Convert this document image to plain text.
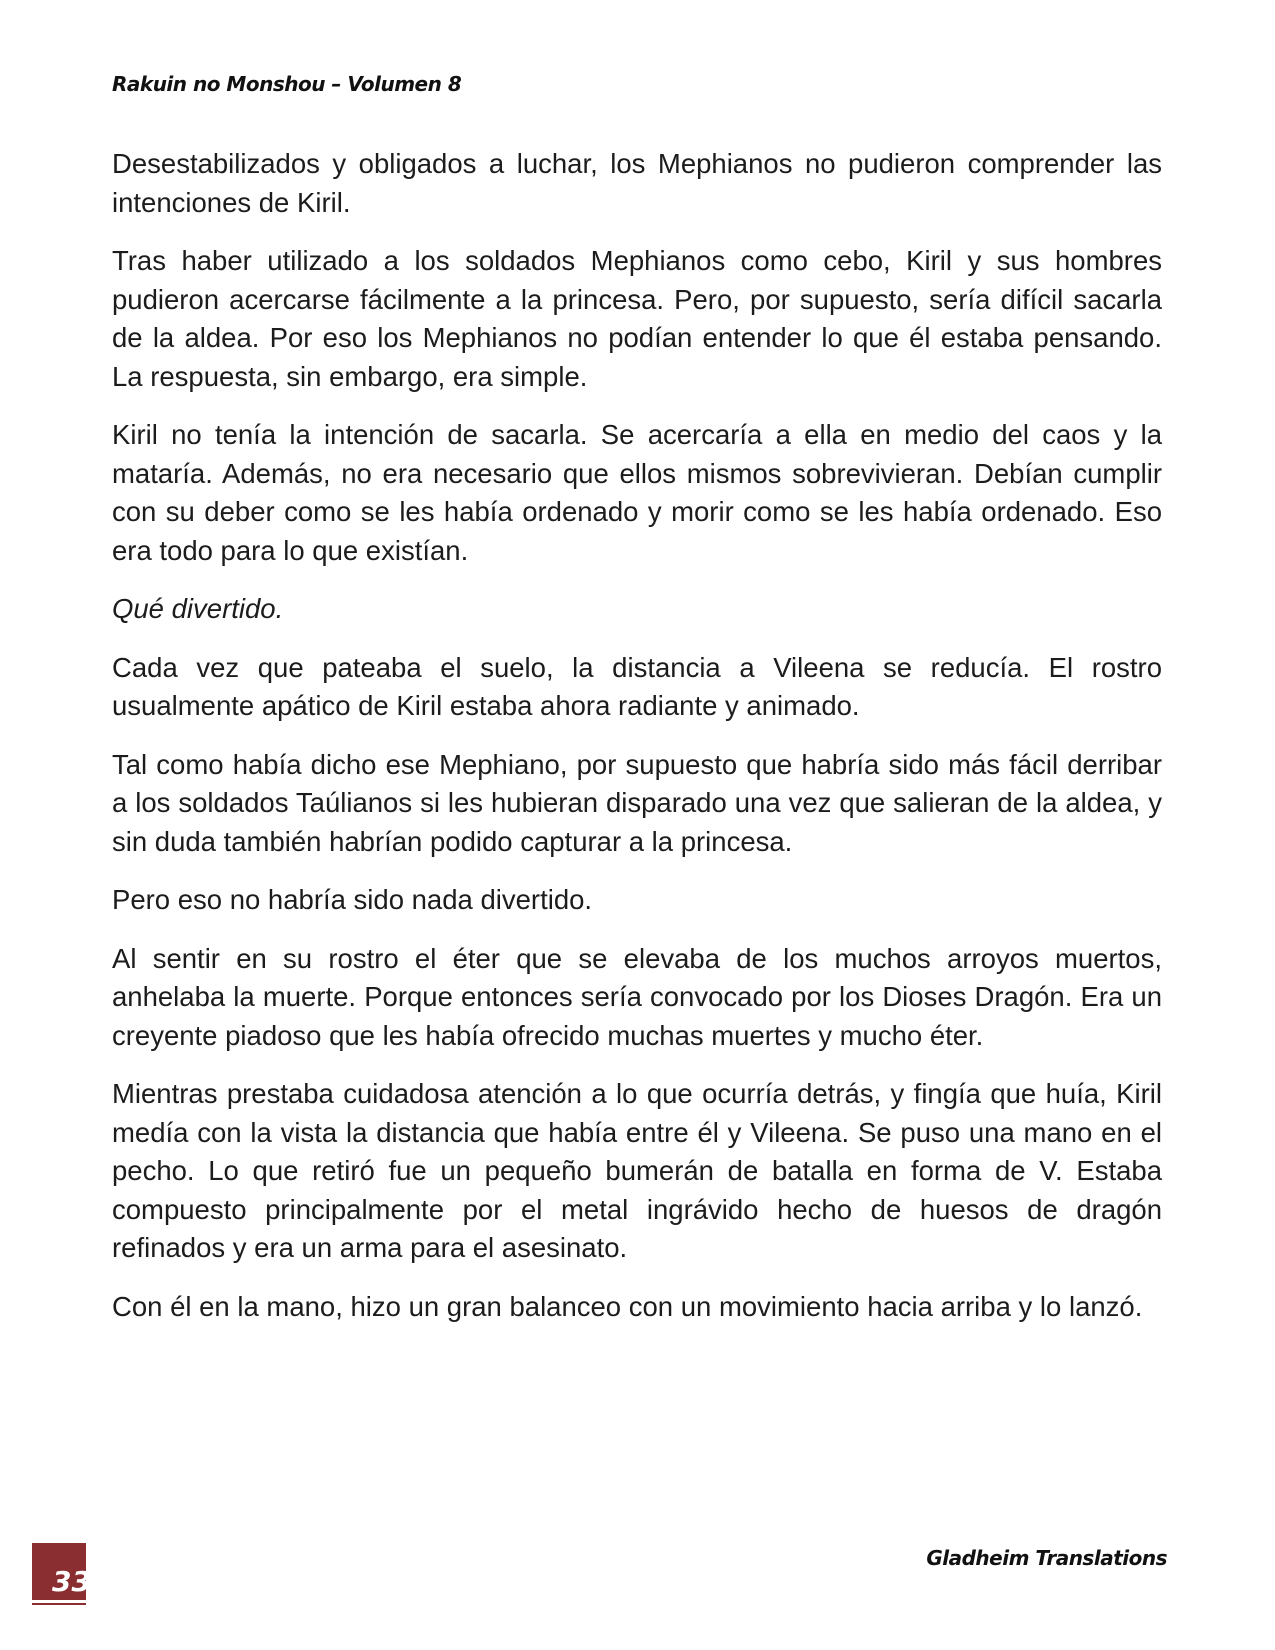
Rakuin no Monshou – Volumen 8

Desestabilizados y obligados a luchar, los Mephianos no pudieron comprender las intenciones de Kiril.

Tras haber utilizado a los soldados Mephianos como cebo, Kiril y sus hombres pudieron acercarse fácilmente a la princesa. Pero, por supuesto, sería difícil sacarla de la aldea. Por eso los Mephianos no podían entender lo que él estaba pensando. La respuesta, sin embargo, era simple.

Kiril no tenía la intención de sacarla. Se acercaría a ella en medio del caos y la mataría. Además, no era necesario que ellos mismos sobrevivieran. Debían cumplir con su deber como se les había ordenado y morir como se les había ordenado. Eso era todo para lo que existían.

Qué divertido.

Cada vez que pateaba el suelo, la distancia a Vileena se reducía. El rostro usualmente apático de Kiril estaba ahora radiante y animado.

Tal como había dicho ese Mephiano, por supuesto que habría sido más fácil derribar a los soldados Taúlianos si les hubieran disparado una vez que salieran de la aldea, y sin duda también habrían podido capturar a la princesa.

Pero eso no habría sido nada divertido.

Al sentir en su rostro el éter que se elevaba de los muchos arroyos muertos, anhelaba la muerte. Porque entonces sería convocado por los Dioses Dragón. Era un creyente piadoso que les había ofrecido muchas muertes y mucho éter.

Mientras prestaba cuidadosa atención a lo que ocurría detrás, y fingía que huía, Kiril medía con la vista la distancia que había entre él y Vileena. Se puso una mano en el pecho. Lo que retiró fue un pequeño bumerán de batalla en forma de V. Estaba compuesto principalmente por el metal ingrávido hecho de huesos de dragón refinados y era un arma para el asesinato.

Con él en la mano, hizo un gran balanceo con un movimiento hacia arriba y lo lanzó.

33
Gladheim Translations
